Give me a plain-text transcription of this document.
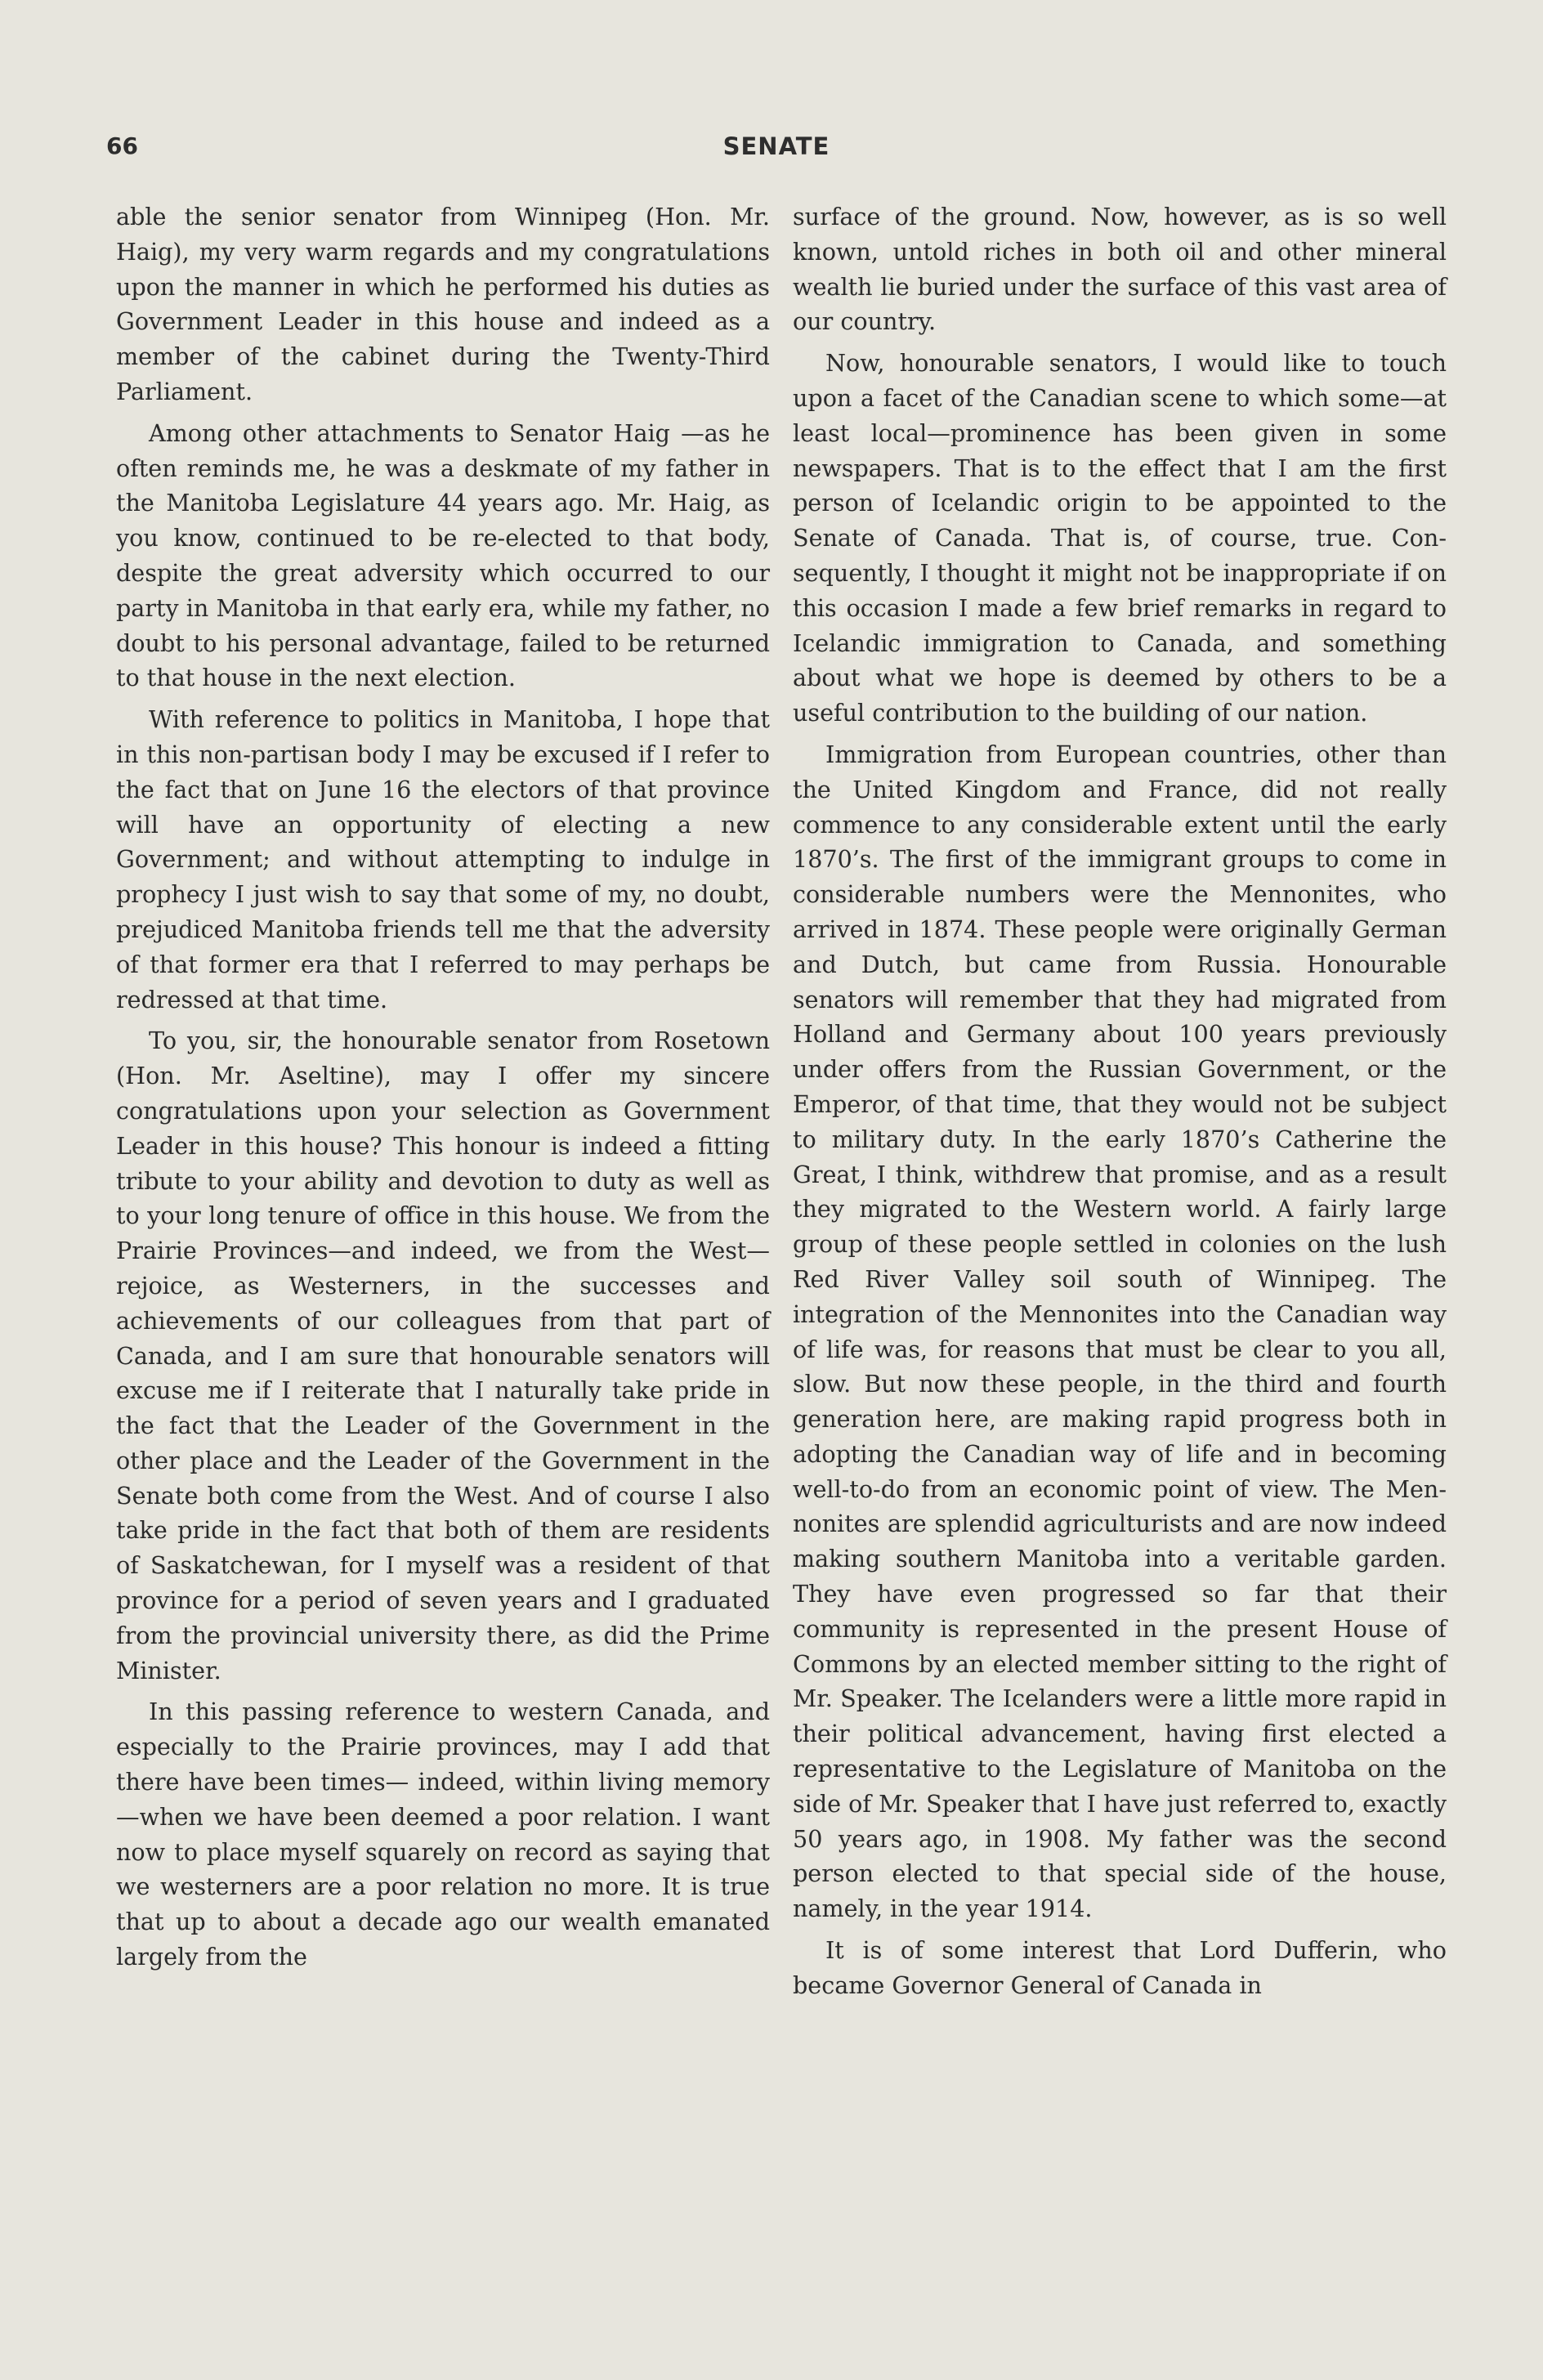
66	SENATE

able the senior senator from Winnipeg (Hon. Mr. Haig), my very warm regards and my congratulations upon the manner in which he performed his duties as Government Leader in this house and indeed as a member of the cabinet during the Twenty-Third Parliament.

Among other attachments to Senator Haig —as he often reminds me, he was a deskmate of my father in the Manitoba Legislature 44 years ago. Mr. Haig, as you know, continued to be re-elected to that body, despite the great adversity which occurred to our party in Manitoba in that early era, while my father, no doubt to his personal advantage, failed to be returned to that house in the next election.

With reference to politics in Manitoba, I hope that in this non-partisan body I may be excused if I refer to the fact that on June 16 the electors of that province will have an opportunity of electing a new Government; and without attempting to indulge in prophecy I just wish to say that some of my, no doubt, prejudiced Manitoba friends tell me that the adversity of that former era that I referred to may perhaps be redressed at that time.

To you, sir, the honourable senator from Rosetown (Hon. Mr. Aseltine), may I offer my sincere congratulations upon your selection as Government Leader in this house? This honour is indeed a fitting tribute to your ability and devotion to duty as well as to your long tenure of office in this house. We from the Prairie Provinces—and indeed, we from the West—rejoice, as Westerners, in the successes and achievements of our colleagues from that part of Canada, and I am sure that honourable senators will excuse me if I reiterate that I naturally take pride in the fact that the Leader of the Government in the other place and the Leader of the Government in the Senate both come from the West. And of course I also take pride in the fact that both of them are residents of Saskatchewan, for I myself was a resident of that province for a period of seven years and I graduated from the provincial university there, as did the Prime Minister.

In this passing reference to western Canada, and especially to the Prairie provinces, may I add that there have been times— indeed, within living memory—when we have been deemed a poor relation. I want now to place myself squarely on record as saying that we westerners are a poor relation no more. It is true that up to about a decade ago our wealth emanated largely from the

surface of the ground. Now, however, as is so well known, untold riches in both oil and other mineral wealth lie buried under the surface of this vast area of our country.

Now, honourable senators, I would like to touch upon a facet of the Canadian scene to which some—at least local—prominence has been given in some newspapers. That is to the effect that I am the first person of Icelandic origin to be appointed to the Senate of Canada. That is, of course, true. Consequently, I thought it might not be inappropriate if on this occasion I made a few brief remarks in regard to Icelandic immigration to Canada, and something about what we hope is deemed by others to be a useful contribution to the building of our nation.

Immigration from European countries, other than the United Kingdom and France, did not really commence to any considerable extent until the early 1870’s. The first of the immigrant groups to come in considerable numbers were the Mennonites, who arrived in 1874. These people were originally German and Dutch, but came from Russia. Honourable senators will remember that they had migrated from Holland and Germany about 100 years previously under offers from the Russian Government, or the Emperor, of that time, that they would not be subject to military duty. In the early 1870’s Catherine the Great, I think, withdrew that promise, and as a result they migrated to the Western world. A fairly large group of these people settled in colonies on the lush Red River Valley soil south of Winnipeg. The integration of the Mennonites into the Canadian way of life was, for reasons that must be clear to you all, slow. But now these people, in the third and fourth generation here, are making rapid progress both in adopting the Canadian way of life and in becoming well-to-do from an economic point of view. The Mennonites are splendid agriculturists and are now indeed making southern Manitoba into a veritable garden. They have even progressed so far that their community is represented in the present House of Commons by an elected member sitting to the right of Mr. Speaker. The Icelanders were a little more rapid in their political advancement, having first elected a representative to the Legislature of Manitoba on the side of Mr. Speaker that I have just referred to, exactly 50 years ago, in 1908. My father was the second person elected to that special side of the house, namely, in the year 1914.

It is of some interest that Lord Dufferin, who became Governor General of Canada in
